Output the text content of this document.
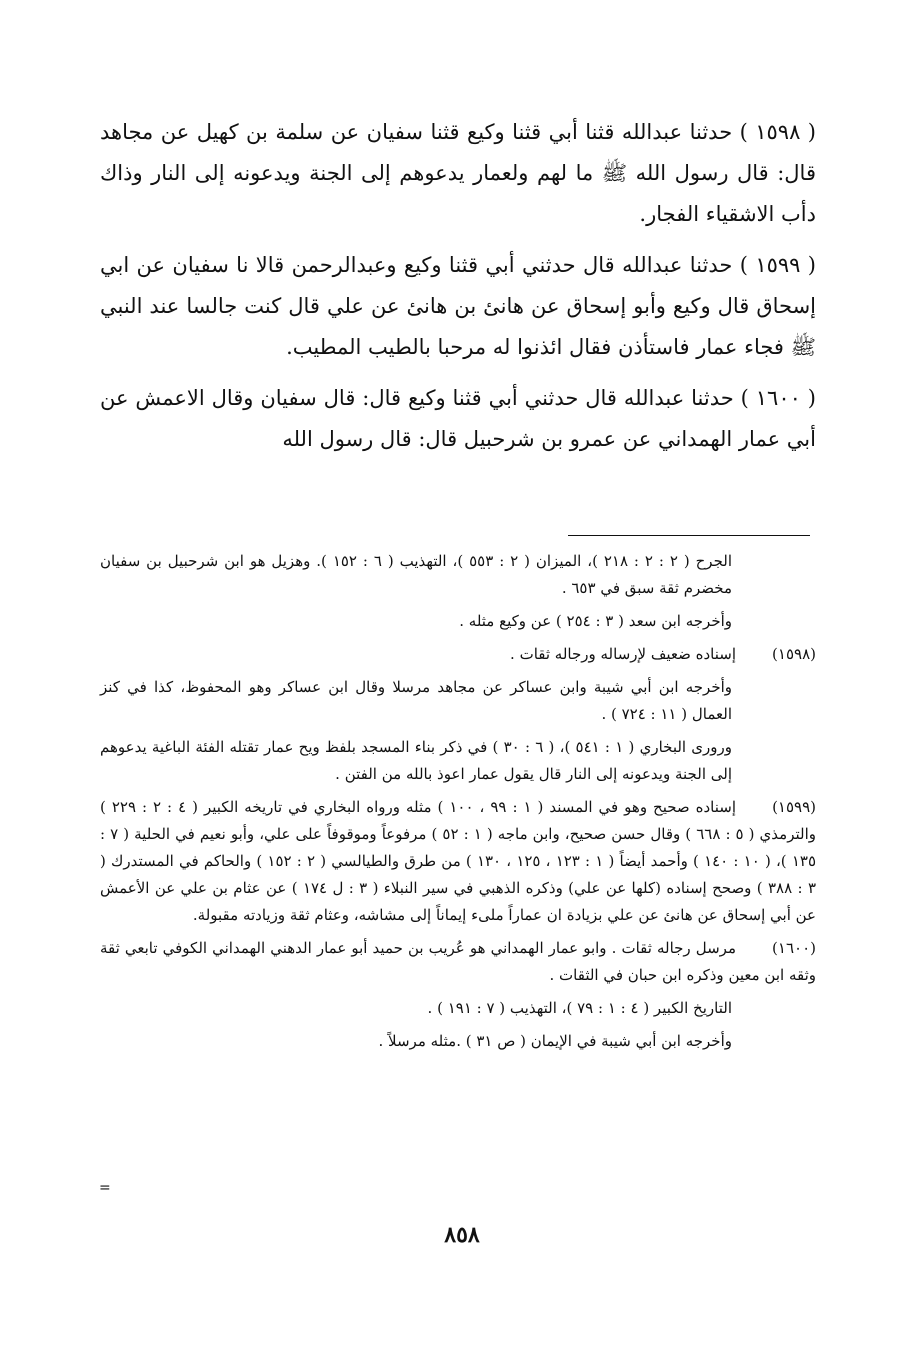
( ١٥٩٨ ) حدثنا عبدالله قثنا أبي قثنا وكيع قثنا سفيان عن سلمة بن كهيل عن مجاهد قال: قال رسول الله ﷺ ما لهم ولعمار يدعوهم إلى الجنة ويدعونه إلى النار وذاك دأب الاشقياء الفجار.

( ١٥٩٩ ) حدثنا عبدالله قال حدثني أبي قثنا وكيع وعبدالرحمن قالا نا سفيان عن ابي إسحاق قال وكيع وأبو إسحاق عن هانئ بن هانئ عن علي قال كنت جالسا عند النبي ﷺ فجاء عمار فاستأذن فقال ائذنوا له مرحبا بالطيب المطيب.

( ١٦٠٠ ) حدثنا عبدالله قال حدثني أبي قثنا وكيع قال: قال سفيان وقال الاعمش عن أبي عمار الهمداني عن عمرو بن شرحبيل قال: قال رسول الله

الجرح ( ٢ : ٢ : ٢١٨ )، الميزان ( ٢ : ٥٥٣ )، التهذيب ( ٦ : ١٥٢ ). وهزيل هو ابن شرحبيل بن سفيان مخضرم ثقة سبق في ٦٥٣ .

وأخرجه ابن سعد ( ٣ : ٢٥٤ ) عن وكيع مثله .

(١٥٩٨)إسناده ضعيف لإرساله ورجاله ثقات .

وأخرجه ابن أبي شيبة وابن عساكر عن مجاهد مرسلا وقال ابن عساكر وهو المحفوظ، كذا في كنز العمال ( ١١ : ٧٢٤ ) .

ورورى البخاري ( ١ : ٥٤١ )، ( ٦ : ٣٠ ) في ذكر بناء المسجد بلفظ ويح عمار تقتله الفئة الباغية يدعوهم إلى الجنة ويدعونه إلى النار قال يقول عمار اعوذ بالله من الفتن .

(١٥٩٩)إسناده صحيح وهو في المسند ( ١ : ٩٩ ، ١٠٠ ) مثله ورواه البخاري في تاريخه الكبير ( ٤ : ٢ : ٢٢٩ ) والترمذي ( ٥ : ٦٦٨ ) وقال حسن صحيح، وابن ماجه ( ١ : ٥٢ ) مرفوعاً وموقوفاً على علي، وأبو نعيم في الحلية ( ٧ : ١٣٥ )، ( ١٠ : ١٤٠ ) وأحمد أيضاً ( ١ : ١٢٣ ، ١٢٥ ، ١٣٠ ) من طرق والطيالسي ( ٢ : ١٥٢ ) والحاكم في المستدرك ( ٣ : ٣٨٨ ) وصحح إسناده (كلها عن علي) وذكره الذهبي في سير النبلاء ( ٣ : ل ١٧٤ ) عن عثام بن علي عن الأعمش عن أبي إسحاق عن هانئ عن علي بزيادة ان عماراً ملىء إيماناً إلى مشاشه، وعثام ثقة وزيادته مقبولة.

(١٦٠٠)مرسل رجاله ثقات . وابو عمار الهمداني هو عُريب بن حميد أبو عمار الدهني الهمداني الكوفي تابعي ثقة وثقه ابن معين وذكره ابن حبان في الثقات .

التاريخ الكبير ( ٤ : ١ : ٧٩ )، التهذيب ( ٧ : ١٩١ ) .

وأخرجه ابن أبي شيبة في الإيمان ( ص ٣١ ) .مثله مرسلاً .

=
٨٥٨
